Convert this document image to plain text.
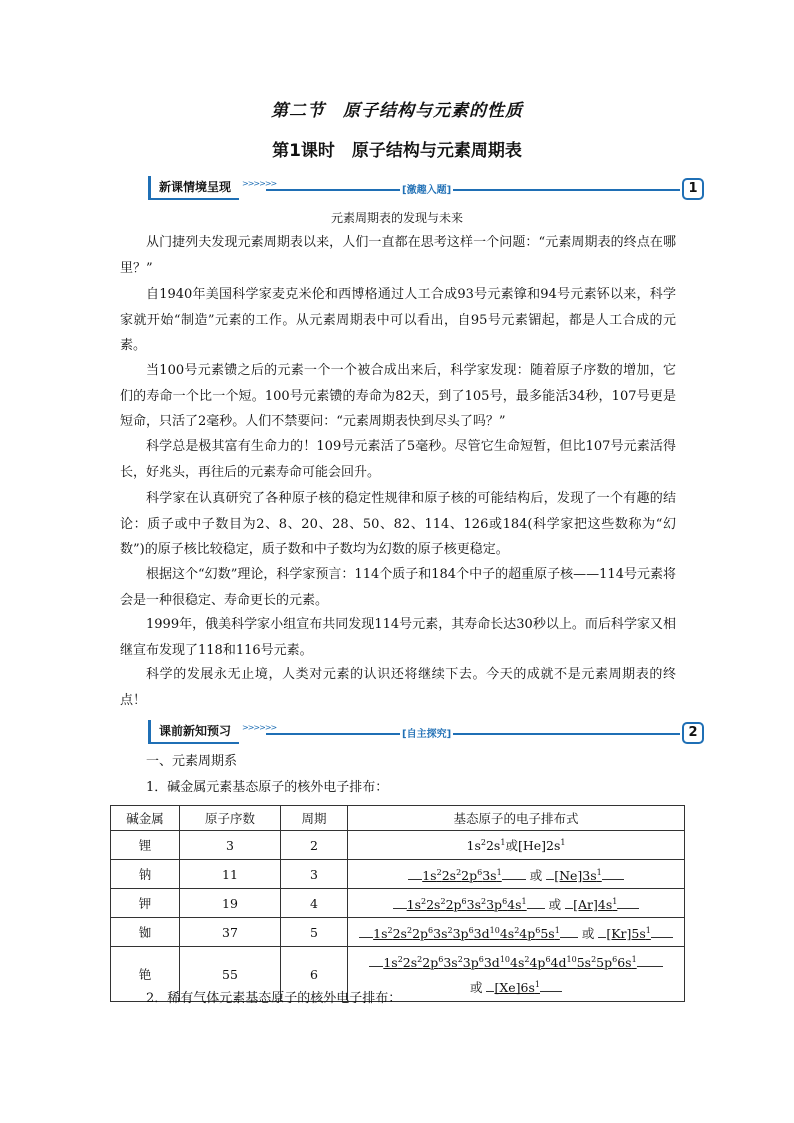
第二节　原子结构与元素的性质
第1课时　原子结构与元素周期表
新课情境呈现	>>>>>>
[激趣入题]	1
元素周期表的发现与未来

从门捷列夫发现元素周期表以来，人们一直都在思考这样一个问题：“元素周期表的终点在哪里？”

自1940年美国科学家麦克米伦和西博格通过人工合成93号元素镎和94号元素钚以来，科学家就开始“制造”元素的工作。从元素周期表中可以看出，自95号元素镅起，都是人工合成的元素。

当100号元素镄之后的元素一个一个被合成出来后，科学家发现：随着原子序数的增加，它们的寿命一个比一个短。100号元素镄的寿命为82天，到了105号，最多能活34秒，107号更是短命，只活了2毫秒。人们不禁要问：“元素周期表快到尽头了吗？”

科学总是极其富有生命力的！109号元素活了5毫秒。尽管它生命短暂，但比107号元素活得长，好兆头，再往后的元素寿命可能会回升。

科学家在认真研究了各种原子核的稳定性规律和原子核的可能结构后，发现了一个有趣的结论：质子或中子数目为2、8、20、28、50、82、114、126或184(科学家把这些数称为“幻数”)的原子核比较稳定，质子数和中子数均为幻数的原子核更稳定。

根据这个“幻数”理论，科学家预言：114个质子和184个中子的超重原子核——114号元素将会是一种很稳定、寿命更长的元素。

1999年，俄美科学家小组宣布共同发现114号元素，其寿命长达30秒以上。而后科学家又相继宣布发现了118和116号元素。

科学的发展永无止境，人类对元素的认识还将继续下去。今天的成就不是元素周期表的终点！

课前新知预习	>>>>>>
[自主探究]	2

一、元素周期系

1．碱金属元素基态原子的核外电子排布：

碱金属	原子序数	周期	基态原子的电子排布式
锂	3	2	$1s^22s^1$或$[He]2s^1$
钠	11	3	$1s^22s^22p^63s^1$ 或 $[Ne]3s^1$
钾	19	4	$1s^22s^22p^63s^23p^64s^1$ 或 $[Ar]4s^1$
铷	37	5	$1s^22s^22p^63s^23p^63d^{10}4s^24p^65s^1$ 或 $[Kr]5s^1$
铯	55	6	$1s^22s^22p^63s^23p^63d^{10}4s^24p^64d^{10}5s^25p^66s^1$
或 $[Xe]6s^1$

2．稀有气体元素基态原子的核外电子排布：
